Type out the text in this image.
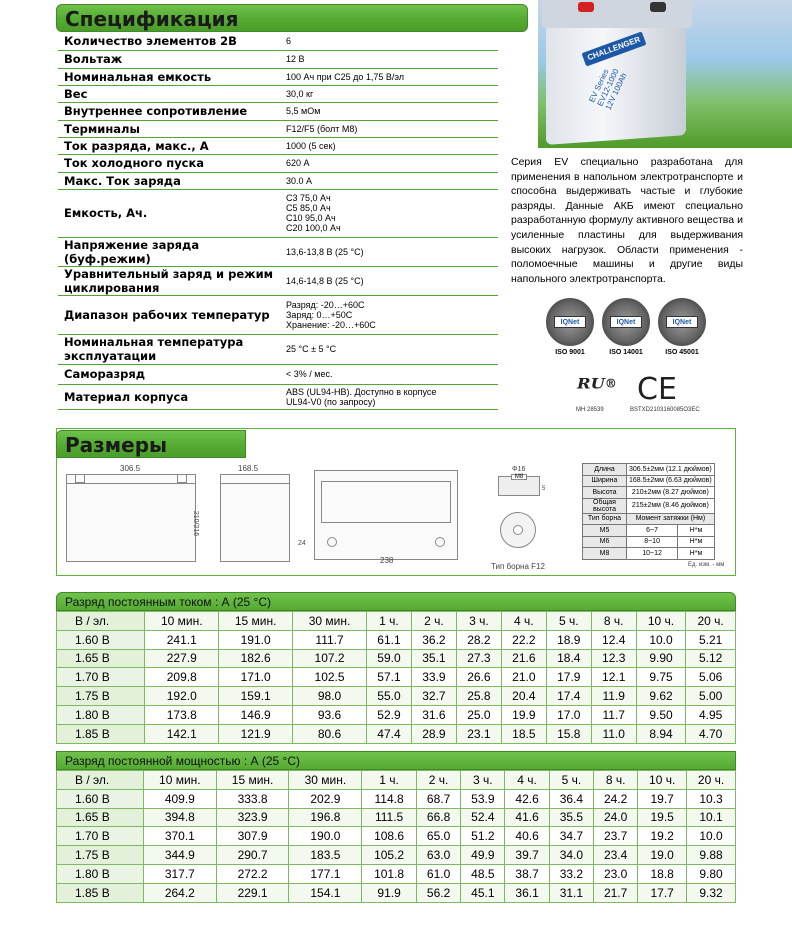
Спецификация
Количество элементов 2В	6

Вольтаж	12 В

Номинальная емкость	100 Ач при С25 до 1,75 В/эл

Вес	30,0 кг

Внутреннее сопротивление	5,5 мОм

Терминалы	F12/F5 (болт М8)

Ток разряда, макс., А	1000 (5 сек)

Ток холодного пуска	620 А

Макс. Ток заряда	30.0 А

Емкость, Ач.	С3 75,0 Ач
С5 85,0 Ач
С10 95,0 Ач
С20 100,0 Ач

Напряжение заряда (буф.режим)	13,6-13,8 В (25 °С)

Уравнительный заряд и режим циклирования	14,6-14,8 В (25 °С)

Диапазон рабочих температур	Разряд: -20…+60С
Заряд: 0…+50С
Хранение: -20…+60С

Номинальная температура эксплуатации	25 °С ± 5 °С

Саморазряд	< 3% / мес.

Материал корпуса	ABS (UL94-HB). Доступно в корпусе
UL94-V0 (по запросу)
CHALLENGER
EV Series
EV12-1000
12V 100Ah
Серия EV специально разработана для применения в напольном электротранспорте и способна выдерживать частые и глубокие разряды. Данные АКБ имеют специально разработанную формулу активного вещества и усиленные пластины для выдерживания высоких нагрузок. Области применения - поломоечные машины и другие виды напольного электротранспорта.
IQNet
ISO 9001
IQNet
ISO 14001
IQNet
ISO 45001
ᴿᵁ® CE
MH 28539	BSTXD2103160085O3EC
Размеры
306.5	168.5
210/216
238
24
Φ16
M8
5
Тип борна F12
Длина	306.5±2мм (12.1 дюймов)	
Ширина	168.5±2мм (6.63 дюймов)	
Высота	210±2мм (8.27 дюймов)	
Общая высота	215±2мм (8.46 дюймов)	
Тип борна	Момент затяжки (Нм)	
М5	6~7	Н*м
М6	8~10	Н*м
М8	10~12	Н*м
Ед. изм. - мм
Разряд постоянным током : А (25 °С)
В / эл.	10 мин.	15 мин.	30 мин.	1 ч.	2 ч.	3 ч.	4 ч.	5 ч.	8 ч.	10 ч.	20 ч.
1.60 В	241.1	191.0	111.7	61.1	36.2	28.2	22.2	18.9	12.4	10.0	5.21
1.65 В	227.9	182.6	107.2	59.0	35.1	27.3	21.6	18.4	12.3	9.90	5.12
1.70 В	209.8	171.0	102.5	57.1	33.9	26.6	21.0	17.9	12.1	9.75	5.06
1.75 В	192.0	159.1	98.0	55.0	32.7	25.8	20.4	17.4	11.9	9.62	5.00
1.80 В	173.8	146.9	93.6	52.9	31.6	25.0	19.9	17.0	11.7	9.50	4.95
1.85 В	142.1	121.9	80.6	47.4	28.9	23.1	18.5	15.8	11.0	8.94	4.70
Разряд постоянной мощностью : А (25 °С)
В / эл.	10 мин.	15 мин.	30 мин.	1 ч.	2 ч.	3 ч.	4 ч.	5 ч.	8 ч.	10 ч.	20 ч.
1.60 В	409.9	333.8	202.9	114.8	68.7	53.9	42.6	36.4	24.2	19.7	10.3
1.65 В	394.8	323.9	196.8	111.5	66.8	52.4	41.6	35.5	24.0	19.5	10.1
1.70 В	370.1	307.9	190.0	108.6	65.0	51.2	40.6	34.7	23.7	19.2	10.0
1.75 В	344.9	290.7	183.5	105.2	63.0	49.9	39.7	34.0	23.4	19.0	9.88
1.80 В	317.7	272.2	177.1	101.8	61.0	48.5	38.7	33.2	23.0	18.8	9.80
1.85 В	264.2	229.1	154.1	91.9	56.2	45.1	36.1	31.1	21.7	17.7	9.32
